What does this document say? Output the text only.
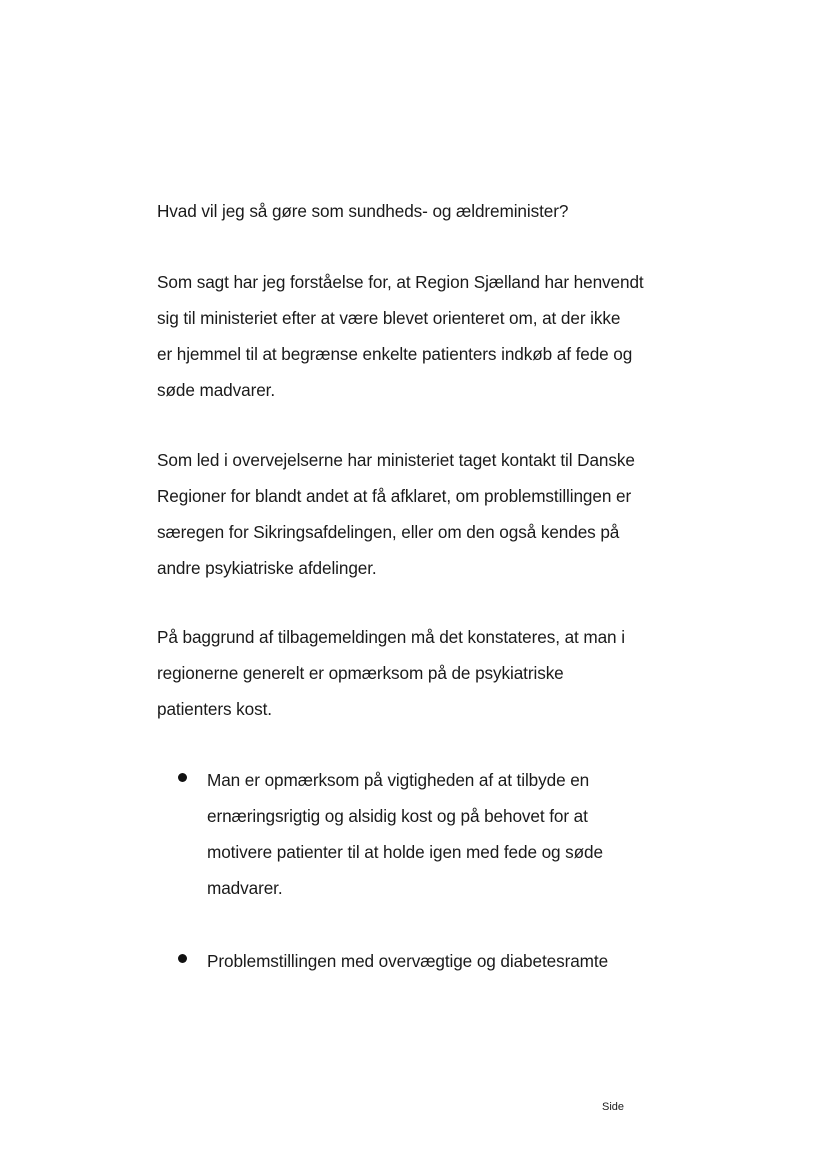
Hvad vil jeg så gøre som sundheds- og ældreminister?
Som sagt har jeg forståelse for, at Region Sjælland har henvendt
sig til ministeriet efter at være blevet orienteret om, at der ikke
er hjemmel til at begrænse enkelte patienters indkøb af fede og
søde madvarer.
Som led i overvejelserne har ministeriet taget kontakt til Danske
Regioner for blandt andet at få afklaret, om problemstillingen er
særegen for Sikringsafdelingen, eller om den også kendes på
andre psykiatriske afdelinger.
På baggrund af tilbagemeldingen må det konstateres, at man i
regionerne generelt er opmærksom på de psykiatriske
patienters kost.
Man er opmærksom på vigtigheden af at tilbyde en
ernæringsrigtig og alsidig kost og på behovet for at
motivere patienter til at holde igen med fede og søde
madvarer.
Problemstillingen med overvægtige og diabetesramte
Side
